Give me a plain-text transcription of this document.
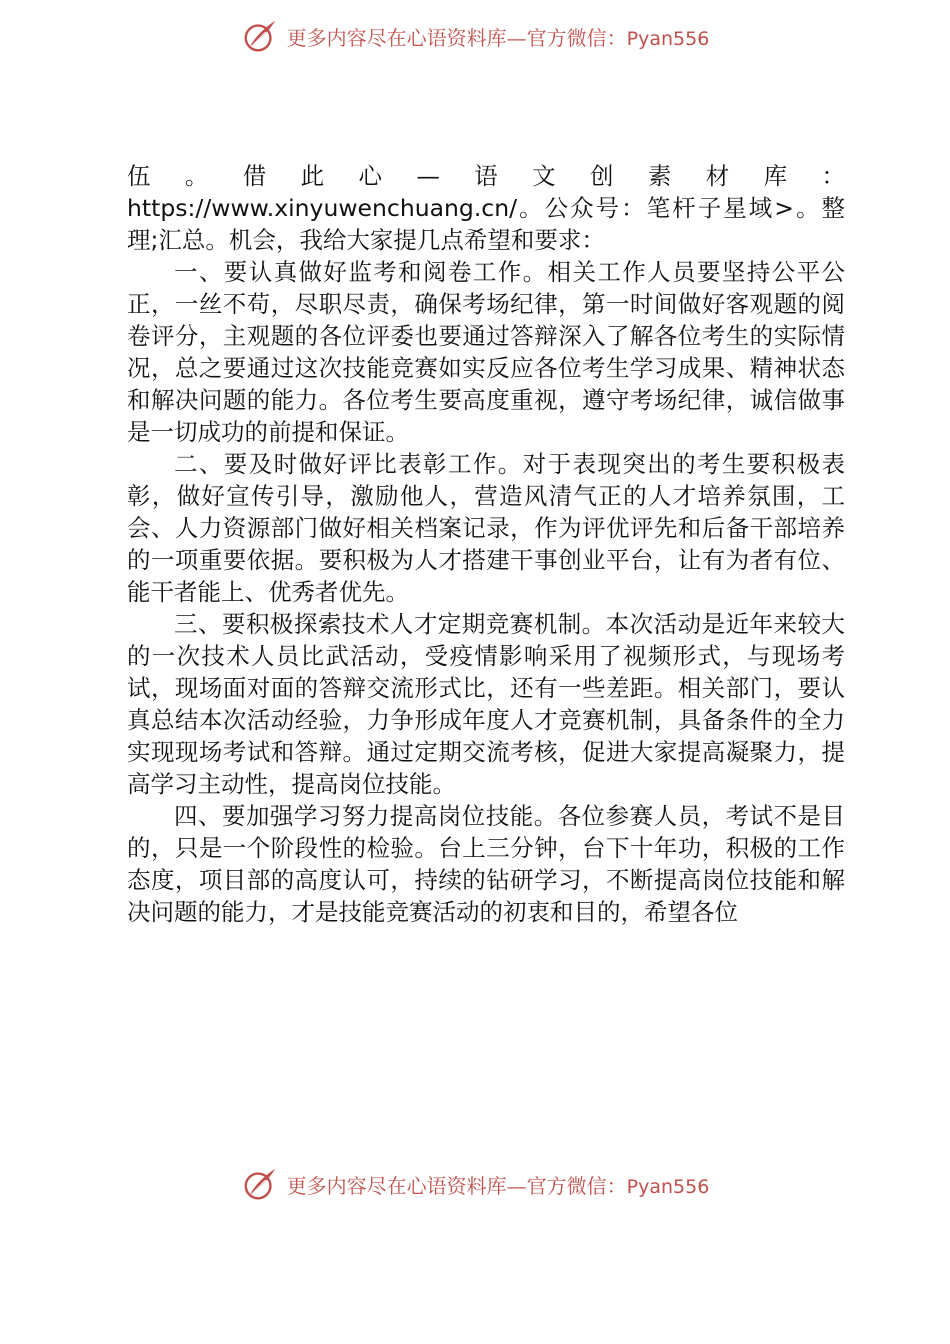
更多内容尽在心语资料库—官方微信：Pyan556

伍。借此心—语文创素材库：https://www.xinyuwenchuang.cn/。公众号：笔杆子星域>。整理;汇总。机会，我给大家提几点希望和要求：

一、要认真做好监考和阅卷工作。相关工作人员要坚持公平公正，一丝不苟，尽职尽责，确保考场纪律，第一时间做好客观题的阅卷评分，主观题的各位评委也要通过答辩深入了解各位考生的实际情况，总之要通过这次技能竞赛如实反应各位考生学习成果、精神状态和解决问题的能力。各位考生要高度重视，遵守考场纪律，诚信做事是一切成功的前提和保证。

二、要及时做好评比表彰工作。对于表现突出的考生要积极表彰，做好宣传引导，激励他人，营造风清气正的人才培养氛围，工会、人力资源部门做好相关档案记录，作为评优评先和后备干部培养的一项重要依据。要积极为人才搭建干事创业平台，让有为者有位、能干者能上、优秀者优先。

三、要积极探索技术人才定期竞赛机制。本次活动是近年来较大的一次技术人员比武活动，受疫情影响采用了视频形式，与现场考试，现场面对面的答辩交流形式比，还有一些差距。相关部门，要认真总结本次活动经验，力争形成年度人才竞赛机制，具备条件的全力实现现场考试和答辩。通过定期交流考核，促进大家提高凝聚力，提高学习主动性，提高岗位技能。

四、要加强学习努力提高岗位技能。各位参赛人员，考试不是目的，只是一个阶段性的检验。台上三分钟，台下十年功，积极的工作态度，项目部的高度认可，持续的钻研学习，不断提高岗位技能和解决问题的能力，才是技能竞赛活动的初衷和目的，希望各位

更多内容尽在心语资料库—官方微信：Pyan556
